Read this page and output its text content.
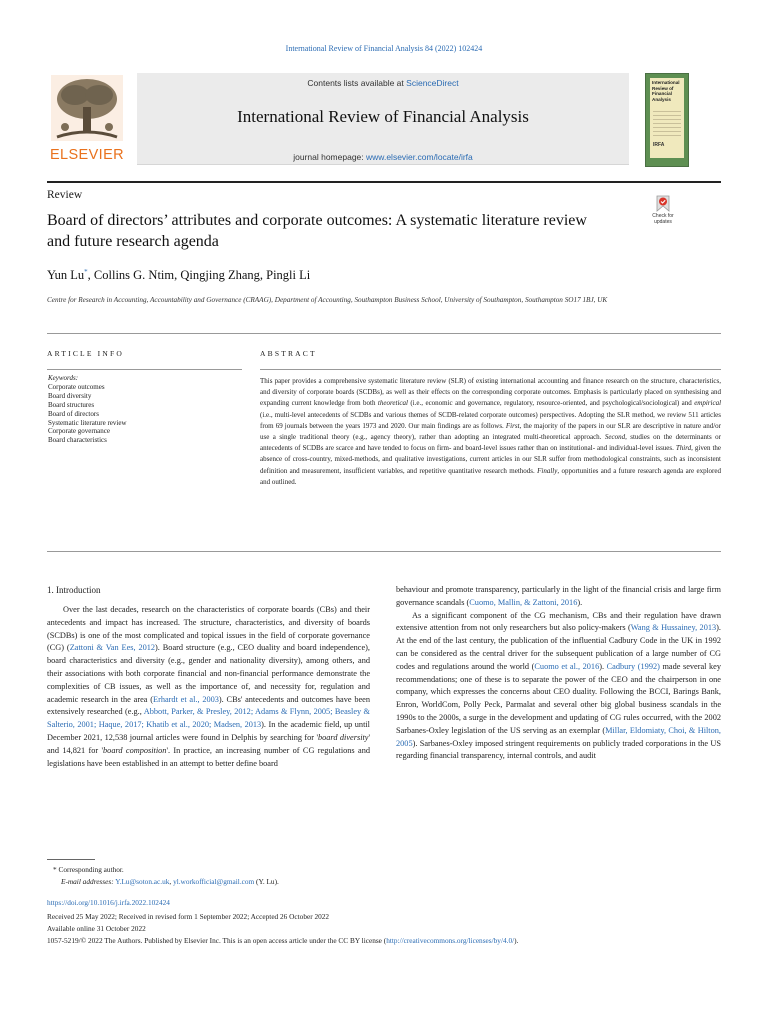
International Review of Financial Analysis 84 (2022) 102424
ELSEVIER
Contents lists available at ScienceDirect
International Review of Financial Analysis
journal homepage: www.elsevier.com/locate/irfa
International Review of Financial Analysis
IRFA
Review
Board of directors’ attributes and corporate outcomes: A systematic literature review and future research agenda
Check for updates
Yun Lu*, Collins G. Ntim, Qingjing Zhang, Pingli Li
Centre for Research in Accounting, Accountability and Governance (CRAAG), Department of Accounting, Southampton Business School, University of Southampton, Southampton SO17 1BJ, UK
ARTICLE INFO	ABSTRACT
Keywords:
Corporate outcomes
Board diversity
Board structures
Board of directors
Systematic literature review
Corporate governance
Board characteristics
This paper provides a comprehensive systematic literature review (SLR) of existing international accounting and finance research on the structure, characteristics, and diversity of corporate boards (SCDBs), as well as their effects on the corresponding corporate outcomes. Emphasis is particularly placed on synthesising and expanding current knowledge from both theoretical (i.e., economic and governance, regulatory, resource-oriented, and psychological/sociological) and empirical (i.e., multi-level antecedents of SCDBs and various themes of SCDB-related corporate outcomes) perspectives. Adopting the SLR method, we review 511 articles from 69 journals between the years 1973 and 2020. Our main findings are as follows. First, the majority of the papers in our SLR are descriptive in nature and/or use a single traditional theory (e.g., agency theory), rather than adopting an integrated multi-theoretical approach. Second, studies on the determinants or antecedents of SCDBs are scarce and have tended to focus on firm- and board-level issues rather than on institutional- and individual-level issues. Third, given the absence of cross-country, mixed-methods, and qualitative investigations, current articles in our SLR suffer from methodological constraints, such as inconsistent definition and measurement, insufficient variables, and repetitive quantitative research methods. Finally, opportunities and a future research agenda are explored and outlined.
1. Introduction

Over the last decades, research on the characteristics of corporate boards (CBs) and their antecedents and impact has increased. The structure, characteristics, and diversity of boards (SCDBs) is one of the most complicated and topical issues in the field of corporate governance (CG) (Zattoni & Van Ees, 2012). Board structure (e.g., CEO duality and board independence), board characteristics and diversity (e.g., gender and nationality diversity), among others, and their associations with both corporate financial and non-financial performance demonstrate the complexities of CB issues, as well as the importance of, and necessity for, regulation and academic research in the area (Erhardt et al., 2003). CBs' antecedents and outcomes have been extensively researched (e.g., Abbott, Parker, & Presley, 2012; Adams & Flynn, 2005; Beasley & Salterio, 2001; Haque, 2017; Khatib et al., 2020; Madsen, 2013). In the academic field, up until December 2021, 12,538 journal articles were found in Delphis by searching for 'board diversity' and 14,821 for 'board composition'. In practice, an increasing number of CG regulations and legislations have been established in an attempt to better define board

behaviour and promote transparency, particularly in the light of the financial crisis and large firm governance scandals (Cuomo, Mallin, & Zattoni, 2016).

As a significant component of the CG mechanism, CBs and their regulation have drawn extensive attention from not only researchers but also policy-makers (Wang & Hussainey, 2013). At the end of the last century, the publication of the influential Cadbury Code in the UK in 1992 can be considered as the central driver for the subsequent publication of a large number of CG codes and regulations around the world (Cuomo et al., 2016). Cadbury (1992) made several key recommendations; one of these is to separate the power of the CEO and the chairperson in one company, which expresses the concerns about CEO duality. Following the BCCI, Barings Bank, Enron, WorldCom, Polly Peck, Parmalat and several other big global business scandals in the 1990s to the 2000s, a surge in the development and updating of CG rules occurred, with the 2002 Sarbanes-Oxley legislation of the US serving as an exemplar (Millar, Eldomiaty, Choi, & Hilton, 2005). Sarbanes-Oxley imposed stringent requirements on publicly traded corporations in the US regarding financial transparency, internal controls, and audit

* Corresponding author.
E-mail addresses: Y.Lu@soton.ac.uk, yl.workofficial@gmail.com (Y. Lu).
https://doi.org/10.1016/j.irfa.2022.102424
Received 25 May 2022; Received in revised form 1 September 2022; Accepted 26 October 2022
Available online 31 October 2022
1057-5219/© 2022 The Authors. Published by Elsevier Inc. This is an open access article under the CC BY license (http://creativecommons.org/licenses/by/4.0/).
